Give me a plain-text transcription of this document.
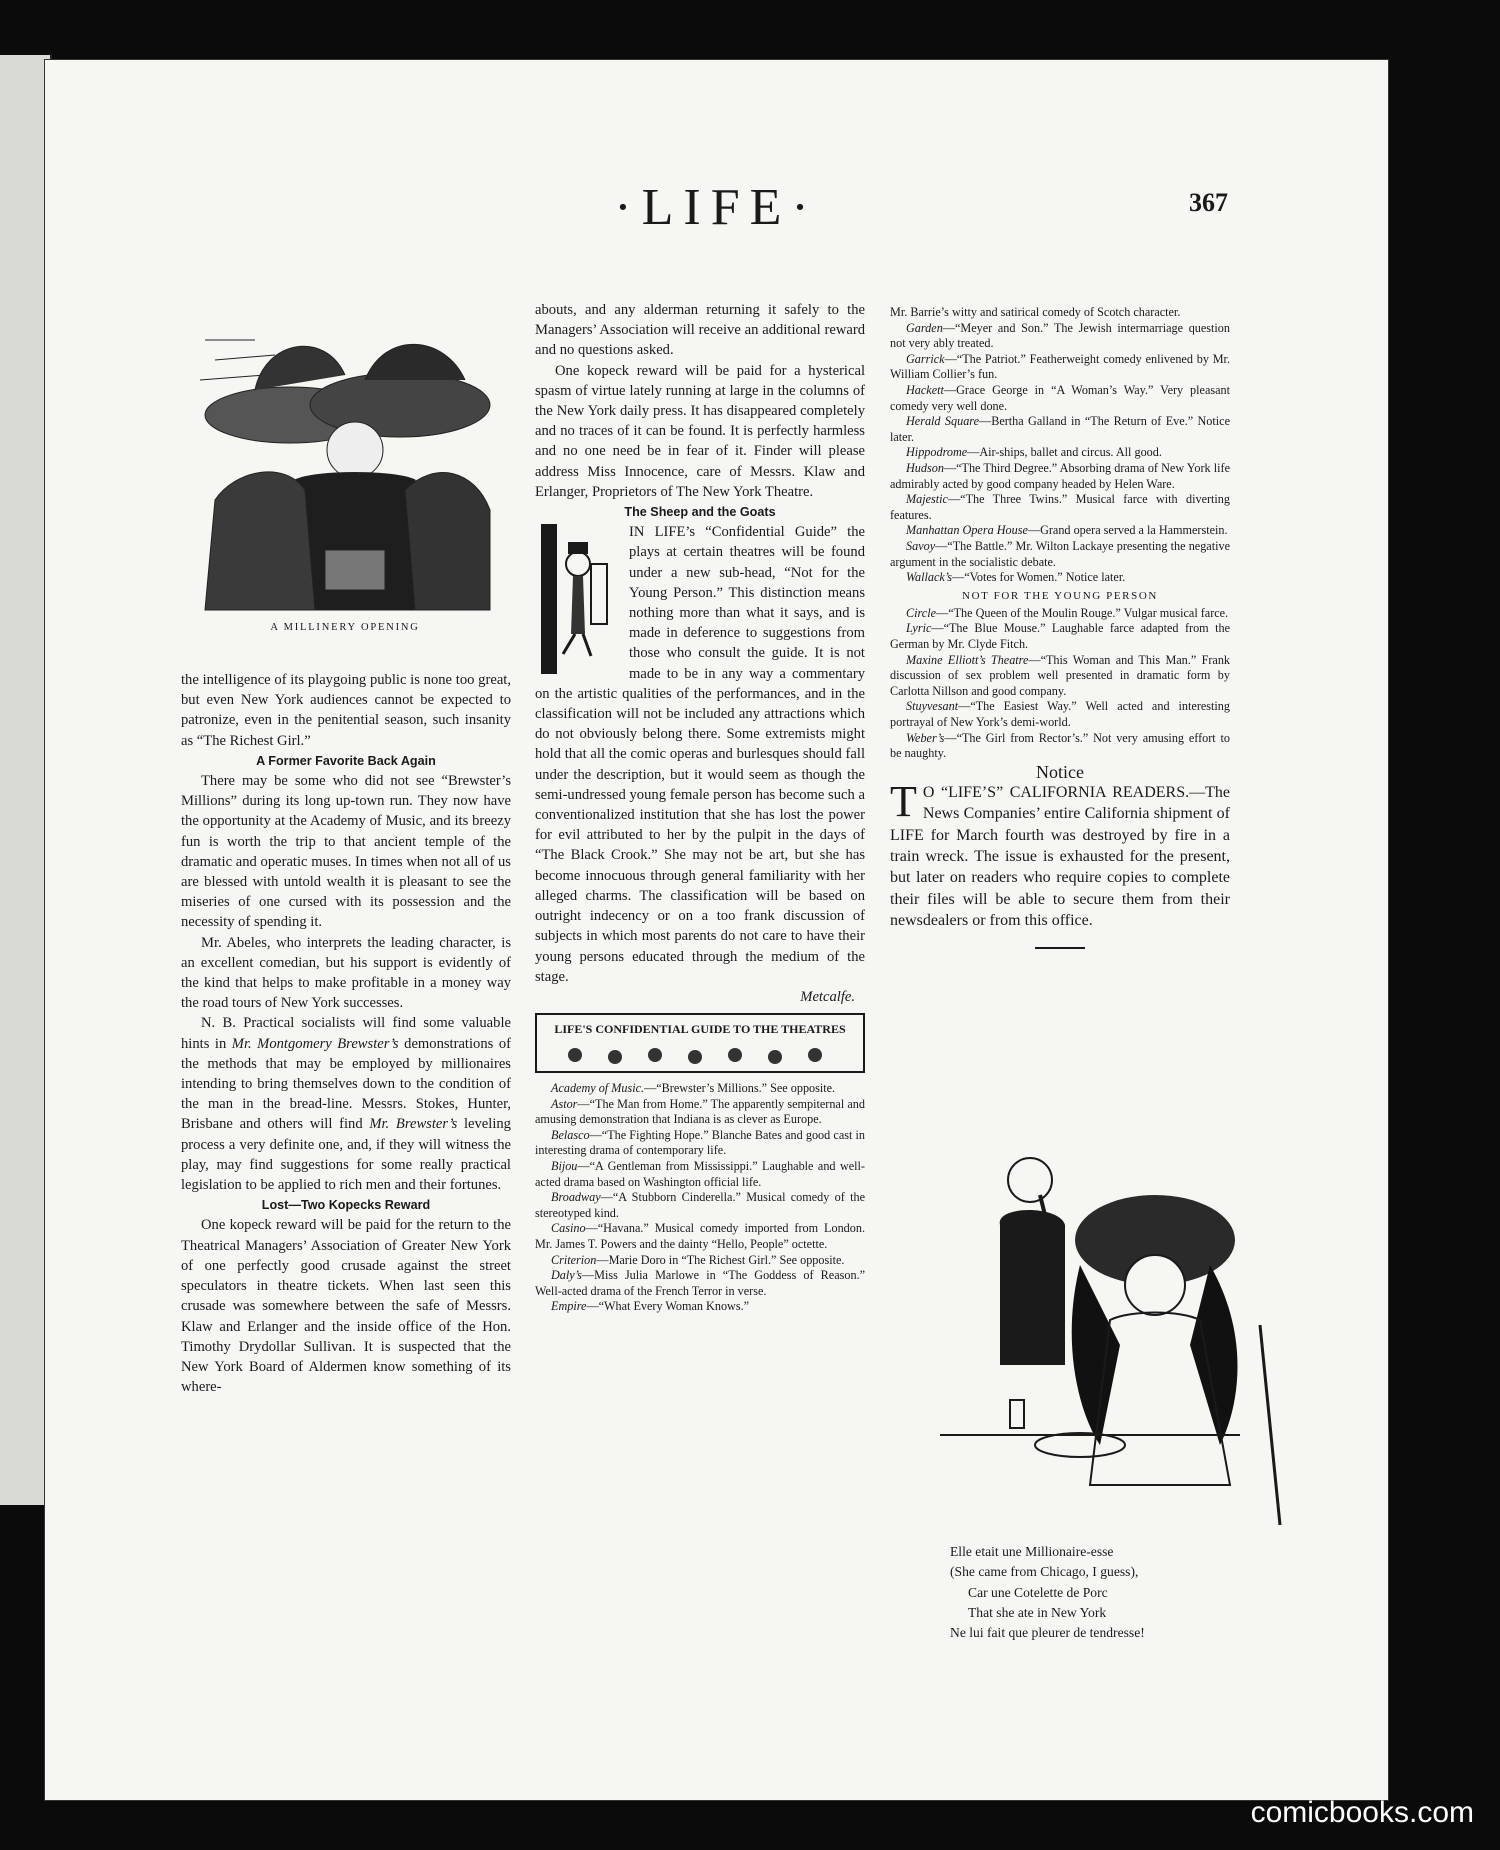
·LIFE·	367
A MILLINERY OPENING

the intelligence of its playgoing public is none too great, but even New York audiences cannot be expected to patronize, even in the penitential season, such insanity as “The Richest Girl.”

A Former Favorite Back Again

There may be some who did not see “Brewster’s Millions” during its long up-town run. They now have the opportunity at the Academy of Music, and its breezy fun is worth the trip to that ancient temple of the dramatic and operatic muses. In times when not all of us are blessed with untold wealth it is pleasant to see the miseries of one cursed with its possession and the necessity of spending it.

Mr. Abeles, who interprets the leading character, is an excellent comedian, but his support is evidently of the kind that helps to make profitable in a money way the road tours of New York successes.

N. B. Practical socialists will find some valuable hints in Mr. Montgomery Brewster’s demonstrations of the methods that may be employed by millionaires intending to bring themselves down to the condition of the man in the bread-line. Messrs. Stokes, Hunter, Brisbane and others will find Mr. Brewster’s leveling process a very definite one, and, if they will witness the play, may find suggestions for some really practical legislation to be applied to rich men and their fortunes.

Lost—Two Kopecks Reward

One kopeck reward will be paid for the return to the Theatrical Managers’ Association of Greater New York of one perfectly good crusade against the street speculators in theatre tickets. When last seen this crusade was somewhere between the safe of Messrs. Klaw and Erlanger and the inside office of the Hon. Timothy Drydollar Sullivan. It is suspected that the New York Board of Aldermen know something of its where-

abouts, and any alderman returning it safely to the Managers’ Association will receive an additional reward and no questions asked.

One kopeck reward will be paid for a hysterical spasm of virtue lately running at large in the columns of the New York daily press. It has disappeared completely and no traces of it can be found. It is perfectly harmless and no one need be in fear of it. Finder will please address Miss Innocence, care of Messrs. Klaw and Erlanger, Proprietors of The New York Theatre.

The Sheep and the Goats

IN LIFE’s “Confidential Guide” the plays at certain theatres will be found under a new sub-head, “Not for the Young Person.” This distinction means nothing more than what it says, and is made in deference to suggestions from those who consult the guide. It is not made to be in any way a commentary on the artistic qualities of the performances, and in the classification will not be included any attractions which do not obviously belong there. Some extremists might hold that all the comic operas and burlesques should fall under the description, but it would seem as though the semi-undressed young female person has become such a conventionalized institution that she has lost the power for evil attributed to her by the pulpit in the days of “The Black Crook.” She may not be art, but she has become innocuous through general familiarity with her alleged charms. The classification will be based on outright indecency or on a too frank discussion of subjects in which most parents do not care to have their young persons educated through the medium of the stage.

Metcalfe.

LIFE'S CONFIDENTIAL GUIDE TO THE THEATRES

Academy of Music.—“Brewster’s Millions.” See opposite.

Astor—“The Man from Home.” The apparently sempiternal and amusing demonstration that Indiana is as clever as Europe.

Belasco—“The Fighting Hope.” Blanche Bates and good cast in interesting drama of contemporary life.

Bijou—“A Gentleman from Mississippi.” Laughable and well-acted drama based on Washington official life.

Broadway—“A Stubborn Cinderella.” Musical comedy of the stereotyped kind.

Casino—“Havana.” Musical comedy imported from London. Mr. James T. Powers and the dainty “Hello, People” octette.

Criterion—Marie Doro in “The Richest Girl.” See opposite.

Daly’s—Miss Julia Marlowe in “The Goddess of Reason.” Well-acted drama of the French Terror in verse.

Empire—“What Every Woman Knows.”

Mr. Barrie’s witty and satirical comedy of Scotch character.

Garden—“Meyer and Son.” The Jewish intermarriage question not very ably treated.

Garrick—“The Patriot.” Featherweight comedy enlivened by Mr. William Collier’s fun.

Hackett—Grace George in “A Woman’s Way.” Very pleasant comedy very well done.

Herald Square—Bertha Galland in “The Return of Eve.” Notice later.

Hippodrome—Air-ships, ballet and circus. All good.

Hudson—“The Third Degree.” Absorbing drama of New York life admirably acted by good company headed by Helen Ware.

Majestic—“The Three Twins.” Musical farce with diverting features.

Manhattan Opera House—Grand opera served a la Hammerstein.

Savoy—“The Battle.” Mr. Wilton Lackaye presenting the negative argument in the socialistic debate.

Wallack’s—“Votes for Women.” Notice later.

NOT FOR THE YOUNG PERSON

Circle—“The Queen of the Moulin Rouge.” Vulgar musical farce.

Lyric—“The Blue Mouse.” Laughable farce adapted from the German by Mr. Clyde Fitch.

Maxine Elliott’s Theatre—“This Woman and This Man.” Frank discussion of sex problem well presented in dramatic form by Carlotta Nillson and good company.

Stuyvesant—“The Easiest Way.” Well acted and interesting portrayal of New York’s demi-world.

Weber’s—“The Girl from Rector’s.” Not very amusing effort to be naughty.

Notice

T O “LIFE’S” CALIFORNIA READERS.—The News Companies’ entire California shipment of LIFE for March fourth was destroyed by fire in a train wreck. The issue is exhausted for the present, but later on readers who require copies to complete their files will be able to secure them from their newsdealers or from this office.

Elle etait une Millionaire-esse
(She came from Chicago, I guess),
Car une Cotelette de Porc
That she ate in New York
Ne lui fait que pleurer de tendresse!
comicbooks.com
